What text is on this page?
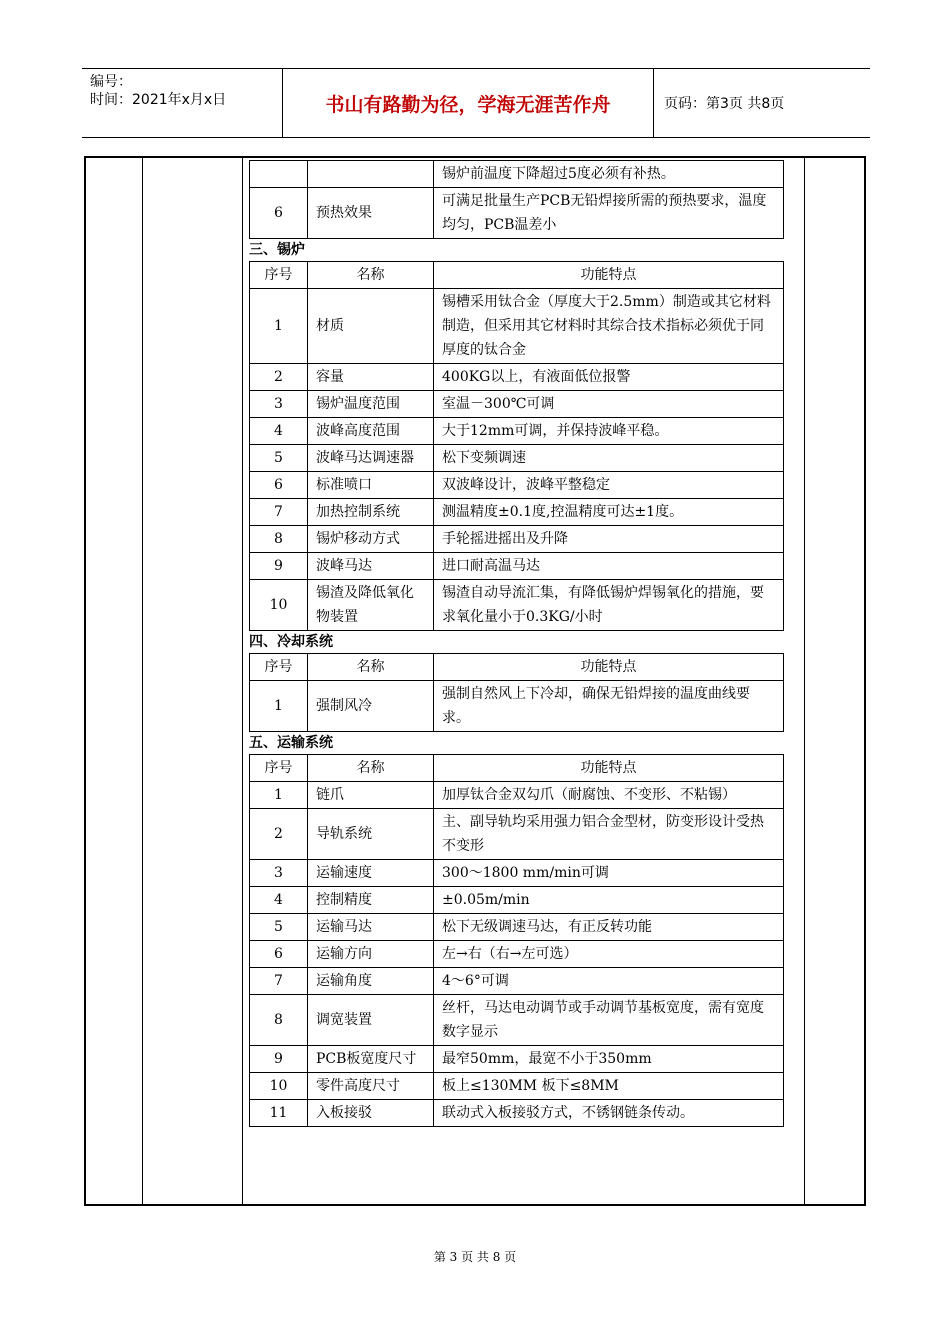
编号：
时间：2021年x月x日	书山有路勤为径，学海无涯苦作舟	页码：第3页 共8页
		锡炉前温度下降超过5度必须有补热。
6	预热效果	可满足批量生产PCB无铅焊接所需的预热要求，温度均匀，PCB温差小
三、锡炉
序号	名称	功能特点
1	材质	锡槽采用钛合金（厚度大于2.5mm）制造或其它材料制造，但采用其它材料时其综合技术指标必须优于同厚度的钛合金
2	容量	400KG以上，有液面低位报警
3	锡炉温度范围	室温－300℃可调
4	波峰高度范围	大于12mm可调，并保持波峰平稳。
5	波峰马达调速器	松下变频调速
6	标准喷口	双波峰设计，波峰平整稳定
7	加热控制系统	测温精度±0.1度,控温精度可达±1度。
8	锡炉移动方式	手轮摇进摇出及升降
9	波峰马达	进口耐高温马达
10	锡渣及降低氧化物装置	锡渣自动导流汇集，有降低锡炉焊锡氧化的措施，要求氧化量小于0.3KG/小时
四、冷却系统
序号	名称	功能特点
1	强制风冷	强制自然风上下冷却，确保无铅焊接的温度曲线要求。
五、运输系统
序号	名称	功能特点
1	链爪	加厚钛合金双勾爪（耐腐蚀、不变形、不粘锡）
2	导轨系统	主、副导轨均采用强力铝合金型材，防变形设计受热不变形
3	运输速度	300～1800 mm/min可调
4	控制精度	±0.05m/min
5	运输马达	松下无级调速马达，有正反转功能
6	运输方向	左→右（右→左可选）
7	运输角度	4～6°可调
8	调宽装置	丝杆，马达电动调节或手动调节基板宽度，需有宽度数字显示
9	PCB板宽度尺寸	最窄50mm，最宽不小于350mm
10	零件高度尺寸	板上≤130MM 板下≤8MM
11	入板接驳	联动式入板接驳方式，不锈钢链条传动。
第 3 页 共 8 页
